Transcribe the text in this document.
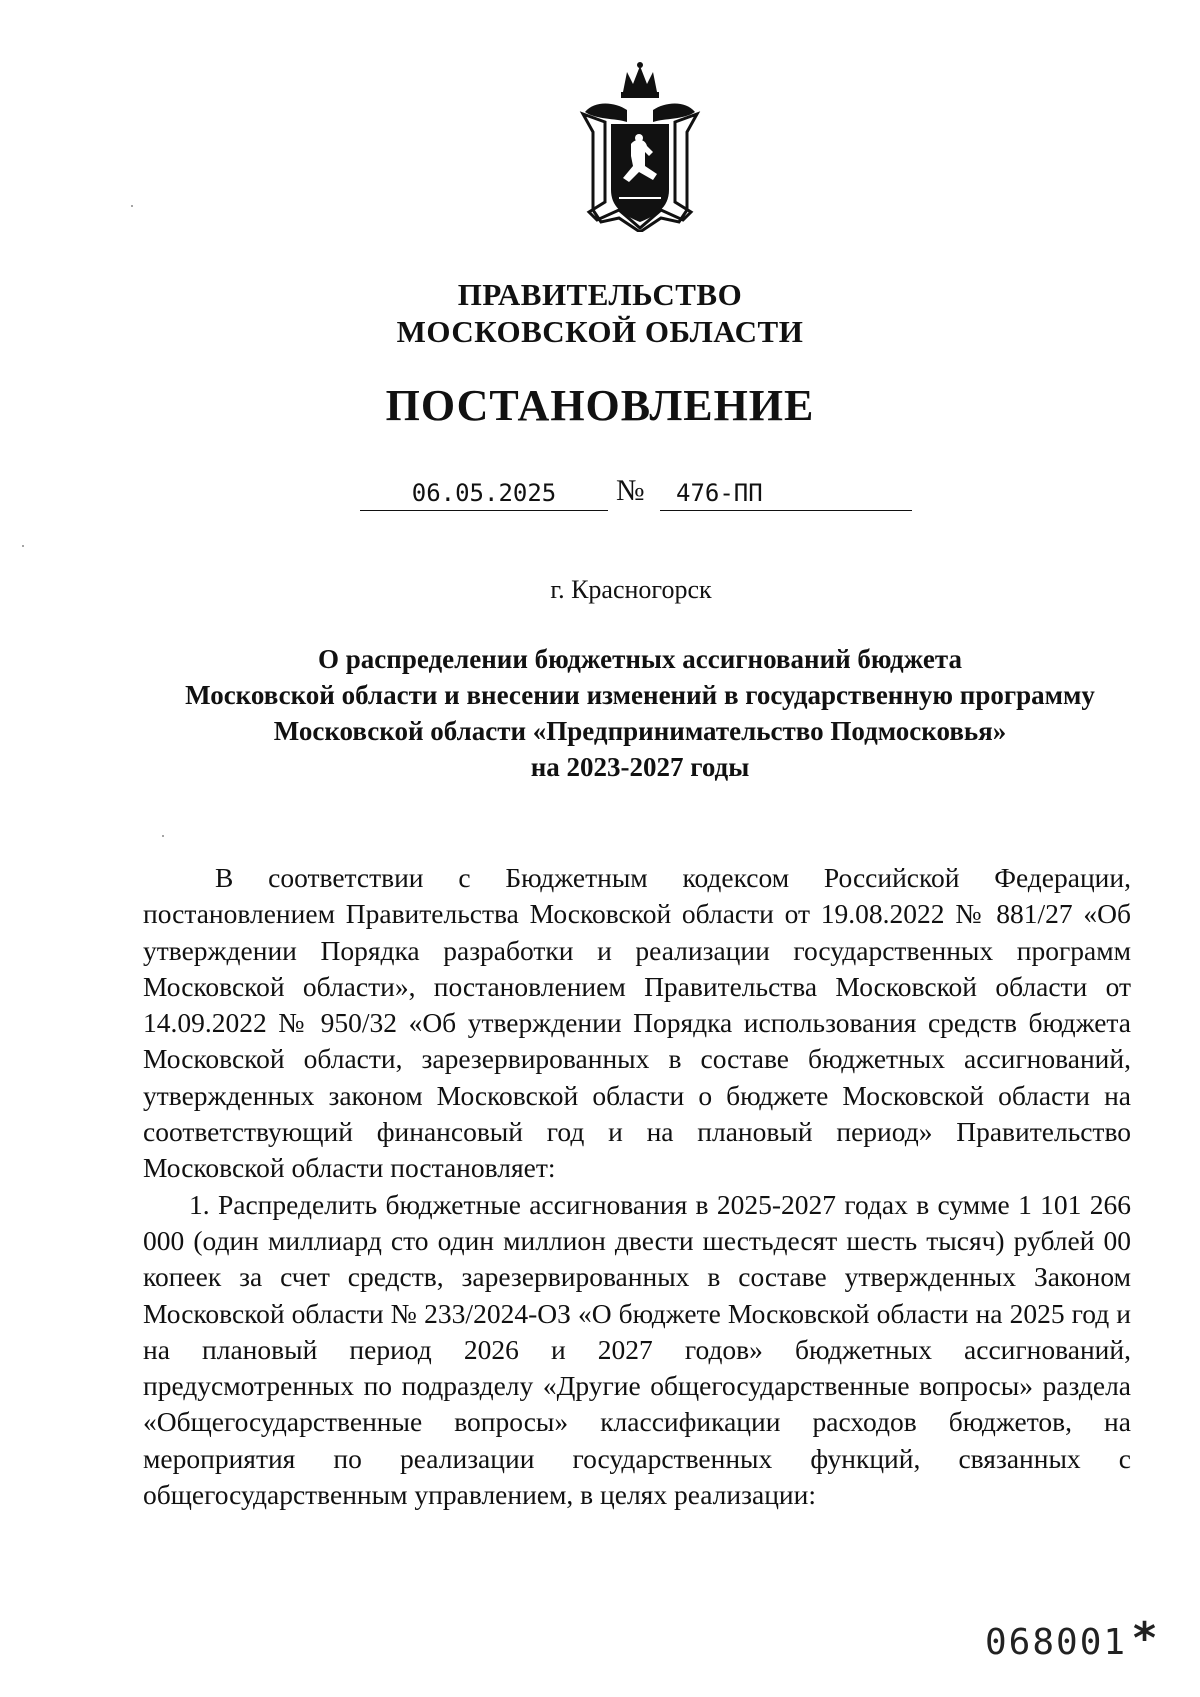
ПРАВИТЕЛЬСТВО
МОСКОВСКОЙ ОБЛАСТИ
ПОСТАНОВЛЕНИЕ
06.05.2025	№ 476-ПП
г. Красногорск
О распределении бюджетных ассигнований бюджета
Московской области и внесении изменений в государственную программу
Московской области «Предпринимательство Подмосковья»
на 2023-2027 годы

В соответствии с Бюджетным кодексом Российской Федерации, постановлением Правительства Московской области от 19.08.2022 № 881/27 «Об утверждении Порядка разработки и реализации государственных программ Московской области», постановлением Правительства Московской области от 14.09.2022 № 950/32 «Об утверждении Порядка использования средств бюджета Московской области, зарезервированных в составе бюджетных ассигнований, утвержденных законом Московской области о бюджете Московской области на соответствующий финансовый год и на плановый период» Правительство Московской области постановляет:

1. Распределить бюджетные ассигнования в 2025-2027 годах в сумме 1 101 266 000 (один миллиард сто один миллион двести шестьдесят шесть тысяч) рублей 00 копеек за счет средств, зарезервированных в составе утвержденных Законом Московской области № 233/2024-ОЗ «О бюджете Московской области на 2025 год и на плановый период 2026 и 2027 годов» бюджетных ассигнований, предусмотренных по подразделу «Другие общегосударственные вопросы» раздела «Общегосударственные вопросы» классификации расходов бюджетов, на мероприятия по реализации государственных функций, связанных с общегосударственным управлением, в целях реализации:

068001 *
